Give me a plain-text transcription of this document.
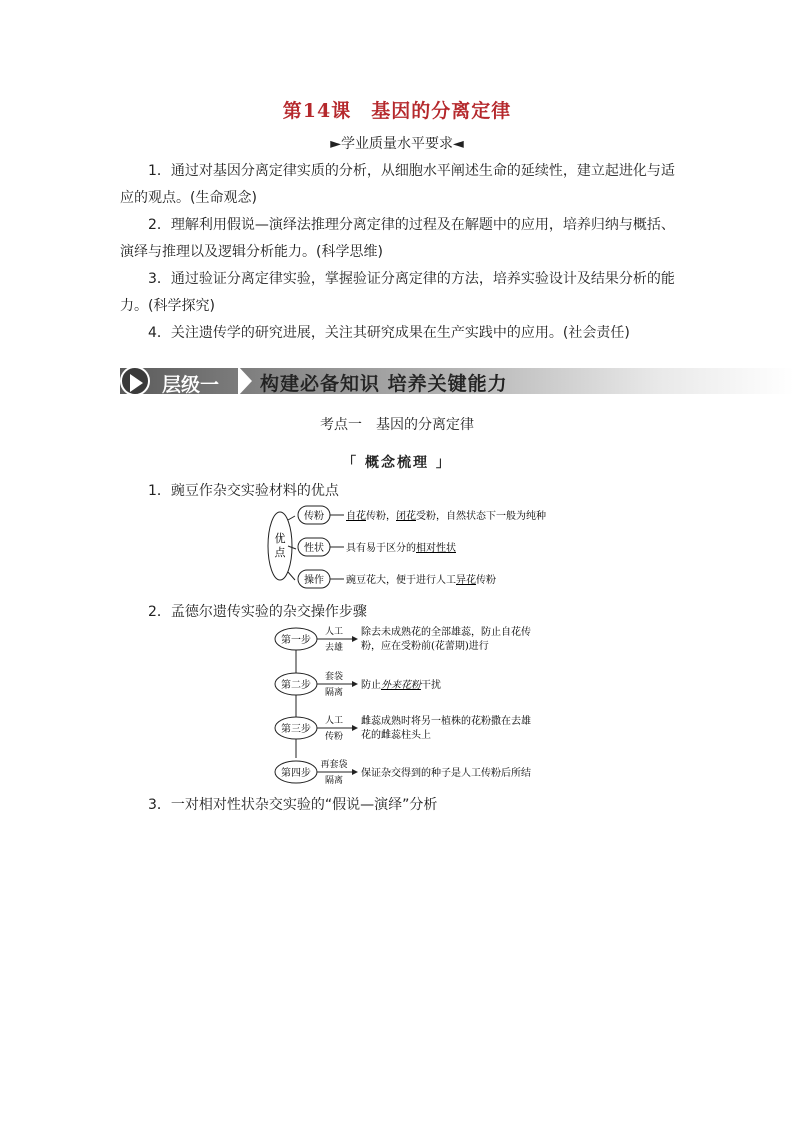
第14课　基因的分离定律
►学业质量水平要求◄
1．通过对基因分离定律实质的分析，从细胞水平阐述生命的延续性，建立起进化与适
应的观点。(生命观念)
2．理解利用假说—演绎法推理分离定律的过程及在解题中的应用，培养归纳与概括、
演绎与推理以及逻辑分析能力。(科学思维)
3．通过验证分离定律实验，掌握验证分离定律的方法，培养实验设计及结果分析的能
力。(科学探究)
4．关注遗传学的研究进展，关注其研究成果在生产实践中的应用。(社会责任)
层级一 构建必备知识 培养关键能力
考点一　基因的分离定律
「 概念梳理 」
1．豌豆作杂交实验材料的优点
优
点
传粉 自花传粉，闭花受粉，自然状态下一般为纯种
性状 具有易于区分的相对性状
操作 豌豆花大，便于进行人工异花传粉
2．孟德尔遗传实验的杂交操作步骤
第一步
人工
去雄
除去未成熟花的全部雄蕊，防止自花传
粉，应在受粉前(花蕾期)进行
第二步
套袋
隔离
防止外来花粉干扰
第三步
人工
传粉
雌蕊成熟时将另一植株的花粉撒在去雄
花的雌蕊柱头上
第四步
再套袋
隔离
保证杂交得到的种子是人工传粉后所结
3．一对相对性状杂交实验的“假说—演绎”分析
